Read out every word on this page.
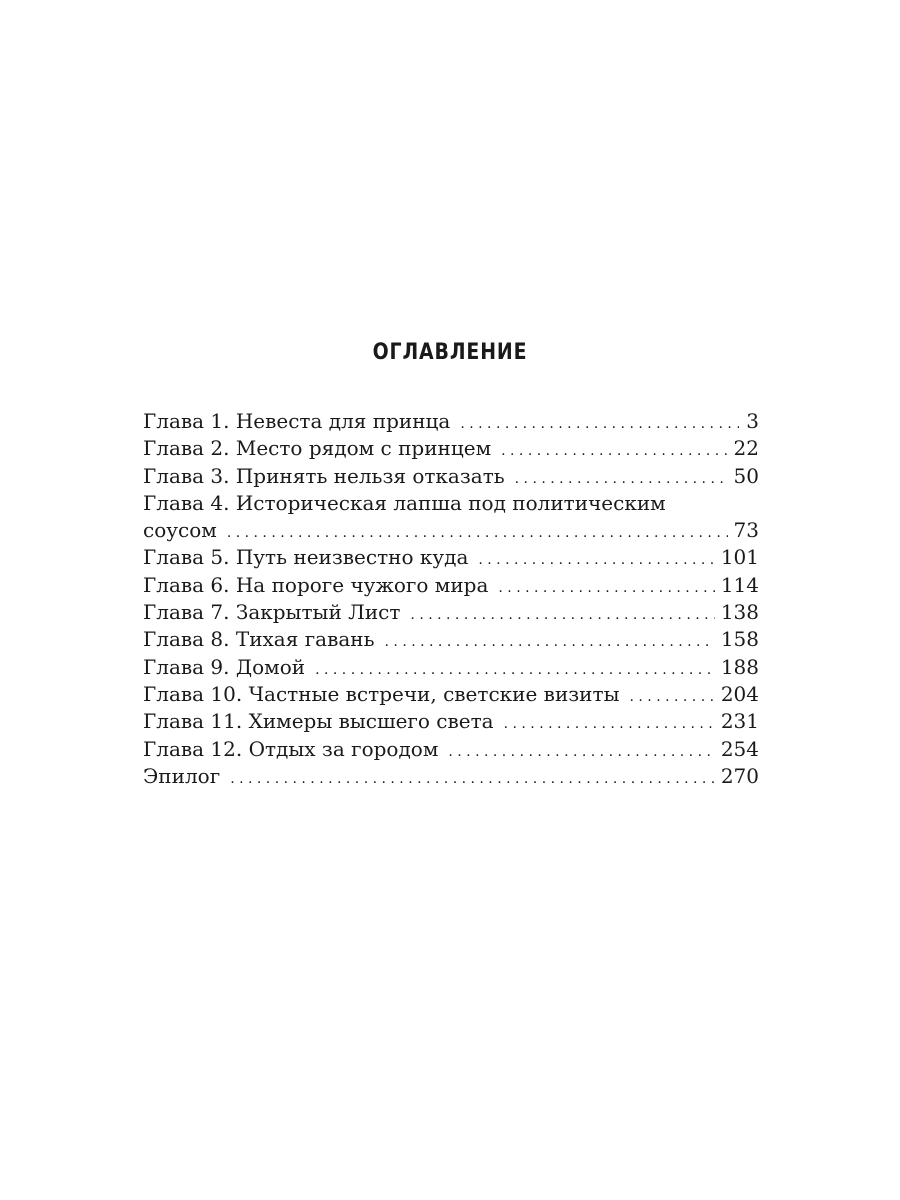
ОГЛАВЛЕНИЕ
Глава 1. Невеста для принца . . .	3
Глава 2. Место рядом с принцем . . .	22
Глава 3. Принять нельзя отказать . . .	50
Глава 4. Историческая лапша под политическим
соусом . . .	73
Глава 5. Путь неизвестно куда . . .	101
Глава 6. На пороге чужого мира . . .	114
Глава 7. Закрытый Лист . . .	138
Глава 8. Тихая гавань . . .	158
Глава 9. Домой . . .	188
Глава 10. Частные встречи, светские визиты . . .	204
Глава 11. Химеры высшего света . . .	231
Глава 12. Отдых за городом . . .	254
Эпилог . . .	270
